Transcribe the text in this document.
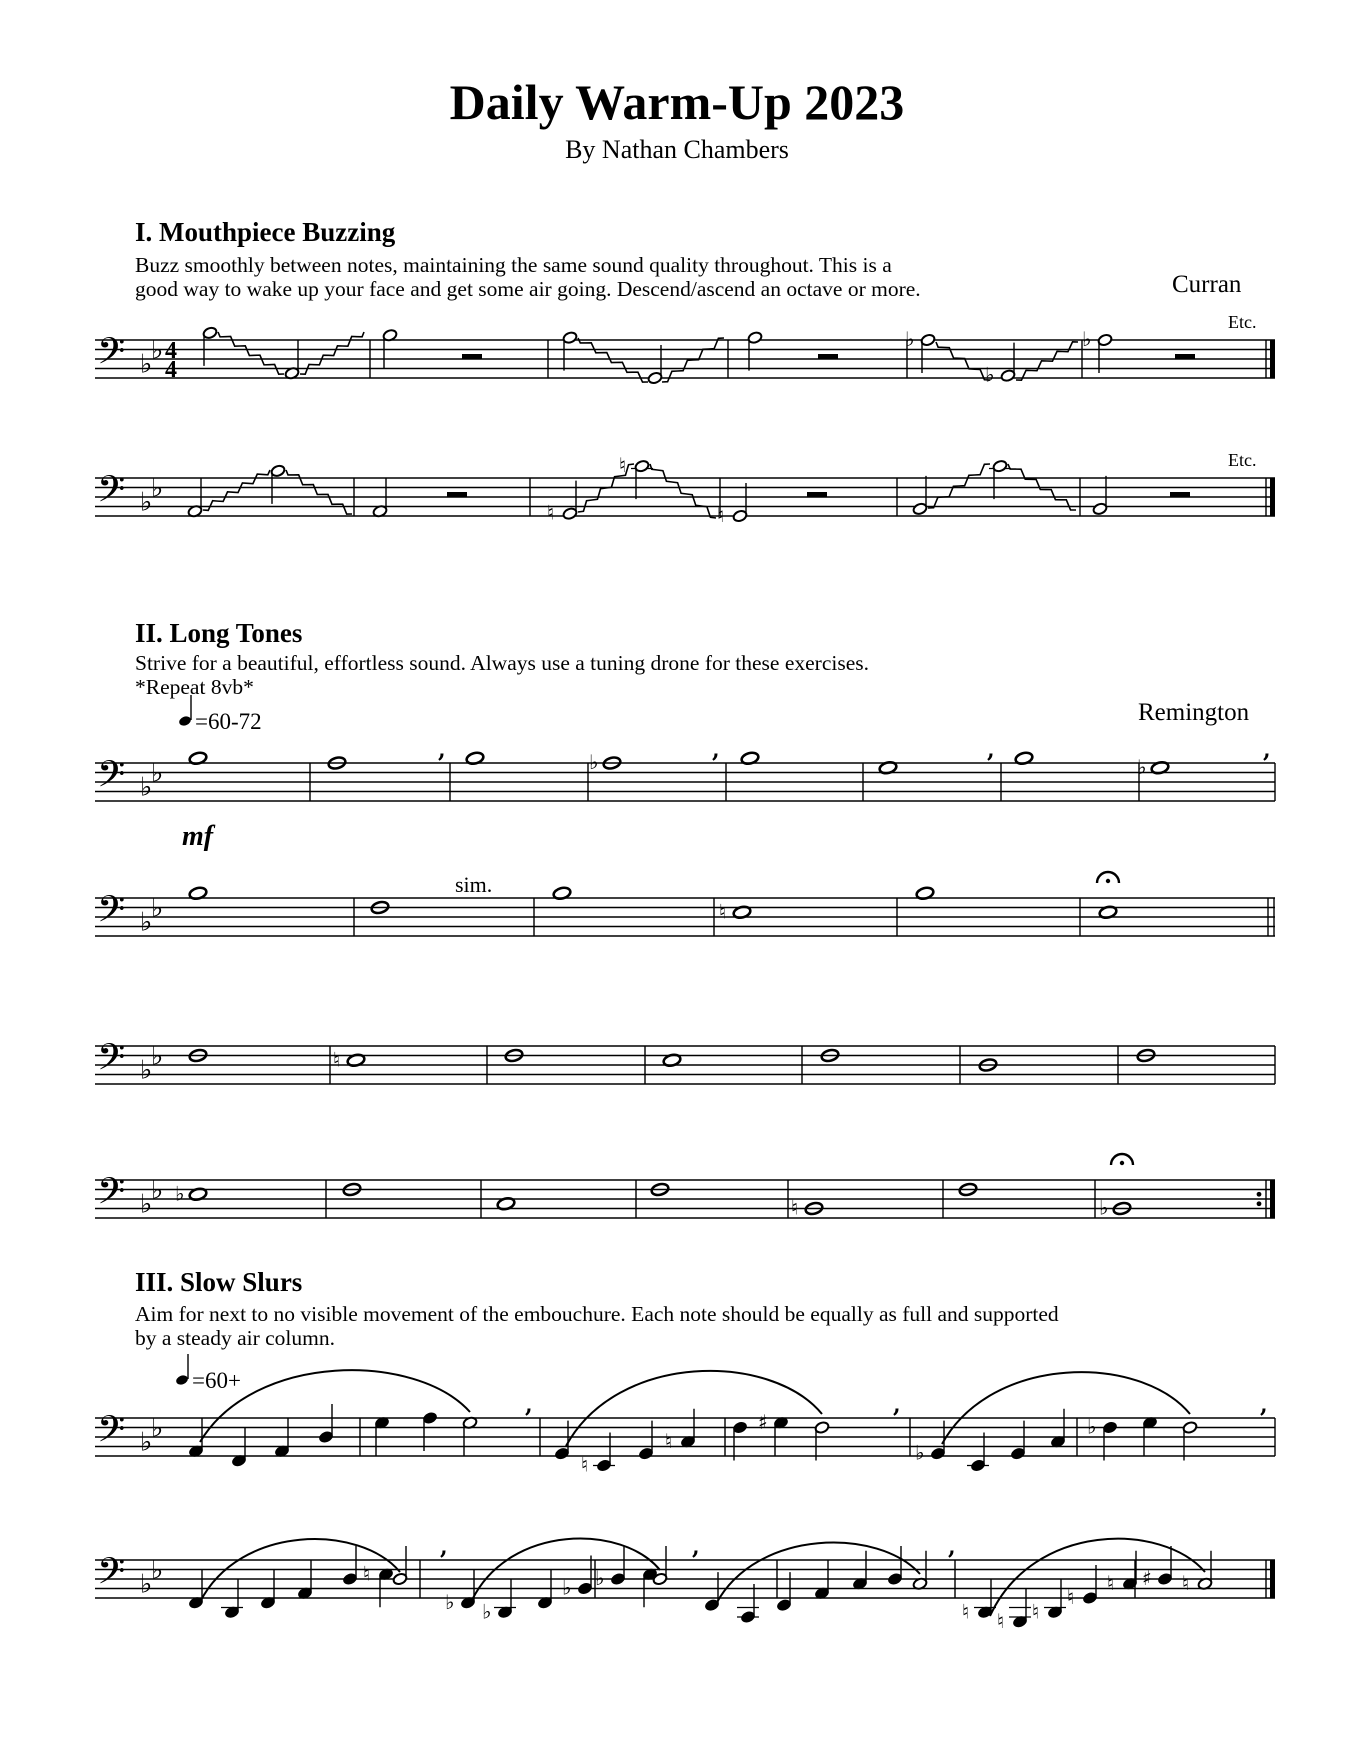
Daily Warm-Up 2023
By Nathan Chambers
I. Mouthpiece Buzzing
Buzz smoothly between notes, maintaining the same sound quality throughout. This is a
good way to wake up your face and get some air going. Descend/ascend an octave or more.	Curran
II. Long Tones
Strive for a beautiful, effortless sound. Always use a tuning drone for these exercises.
*Repeat 8vb*
Remington
III. Slow Slurs
Aim for next to no visible movement of the embouchure. Each note should be equally as full and supported
by a steady air column.
𝄢 ♭
♭ 4
4
♭
♭
♭
Etc.
𝄢 ♭
♭
♮
♮
♮
Etc.
𝄢 ♭
♭
=60-72
mf
♭	♭
,	,	,	,
𝄢 ♭
♭
sim.
♮
𝄢 ♭
♭	♮
𝄢 ♭
♭ ♭
♮	♭
𝄢 ♭
♭
=60+
,
♮
♮
♯
,
♭
♭
,
𝄢 ♭
♭	♮
,
♭ ♭
♭ ♭
,	,
♮ ♮ ♮
♮
♮ ♯ ♮
